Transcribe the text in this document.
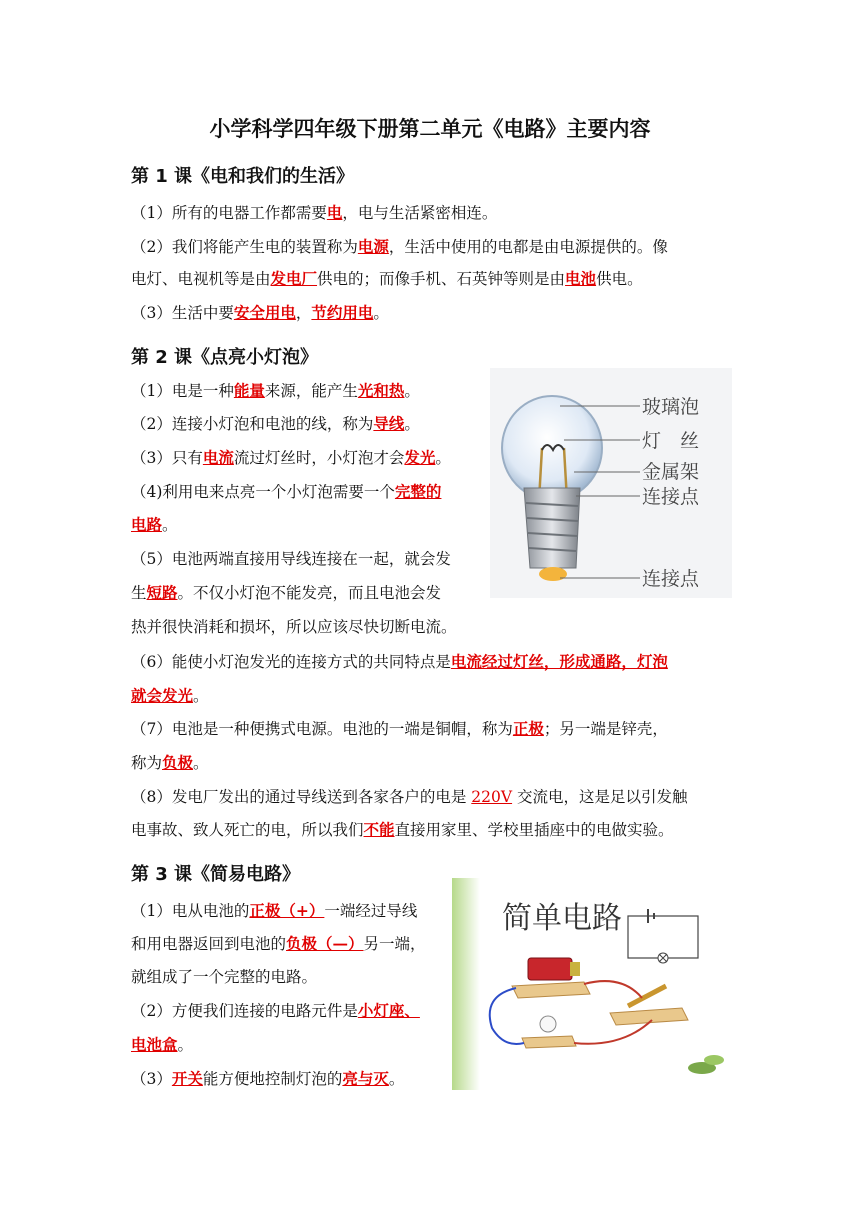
小学科学四年级下册第二单元《电路》主要内容
第 1 课《电和我们的生活》
（1）所有的电器工作都需要电，电与生活紧密相连。
（2）我们将能产生电的装置称为电源，生活中使用的电都是由电源提供的。像
电灯、电视机等是由发电厂供电的；而像手机、石英钟等则是由电池供电。
（3）生活中要安全用电，节约用电。
第 2 课《点亮小灯泡》
（1）电是一种能量来源，能产生光和热。
（2）连接小灯泡和电池的线，称为导线。
（3）只有电流流过灯丝时，小灯泡才会发光。
（4)利用电来点亮一个小灯泡需要一个完整的
电路。
（5）电池两端直接用导线连接在一起，就会发
生短路。不仅小灯泡不能发亮，而且电池会发
热并很快消耗和损坏，所以应该尽快切断电流。
（6）能使小灯泡发光的连接方式的共同特点是电流经过灯丝，形成通路，灯泡
就会发光。
（7）电池是一种便携式电源。电池的一端是铜帽，称为正极；另一端是锌壳，
称为负极。
（8）发电厂发出的通过导线送到各家各户的电是 220V 交流电，这是足以引发触
电事故、致人死亡的电，所以我们不能直接用家里、学校里插座中的电做实验。
玻璃泡
灯　丝
金属架
连接点
连接点
第 3 课《简易电路》
（1）电从电池的正极（+）一端经过导线
和用电器返回到电池的负极（—）另一端，
就组成了一个完整的电路。
（2）方便我们连接的电路元件是小灯座、
电池盒。
（3）开关能方便地控制灯泡的亮与灭。
简单电路
